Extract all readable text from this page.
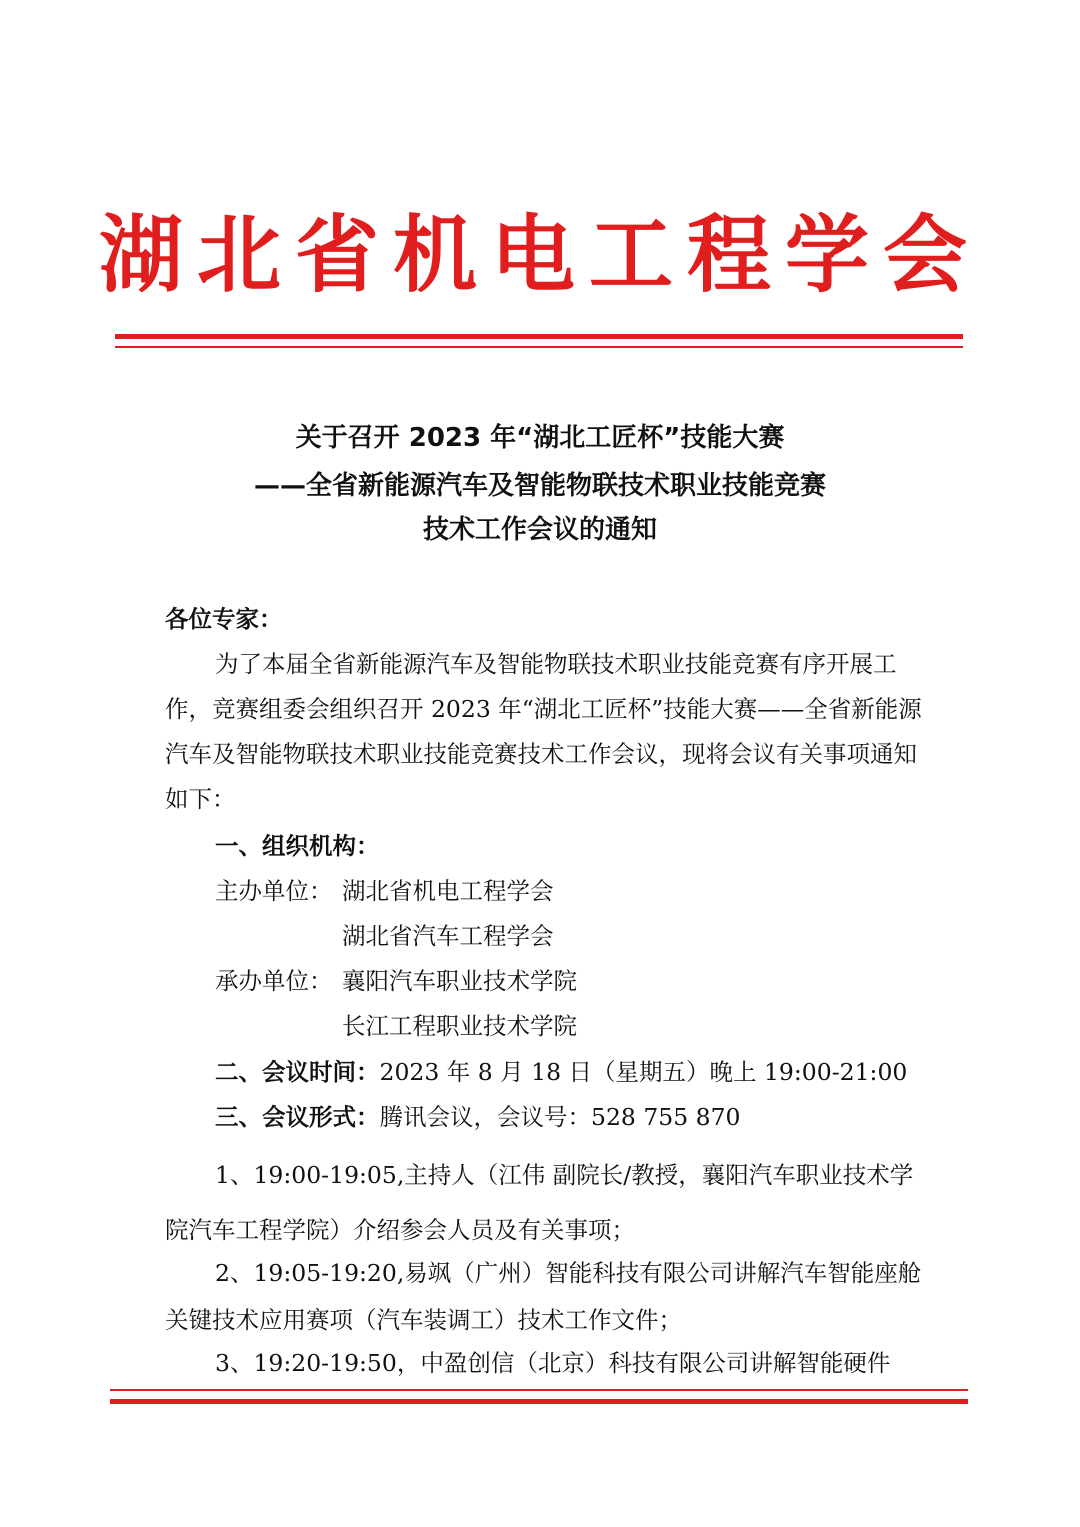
湖北省机电工程学会
关于召开 2023 年“湖北工匠杯”技能大赛
——全省新能源汽车及智能物联技术职业技能竞赛
技术工作会议的通知
各位专家：

为了本届全省新能源汽车及智能物联技术职业技能竞赛有序开展工作，竞赛组委会组织召开 2023 年“湖北工匠杯”技能大赛——全省新能源汽车及智能物联技术职业技能竞赛技术工作会议，现将会议有关事项通知如下：

一、组织机构：
主办单位： 湖北省机电工程学会
湖北省汽车工程学会
承办单位： 襄阳汽车职业技术学院
长江工程职业技术学院
二、会议时间：2023 年 8 月 18 日（星期五）晚上 19:00-21:00
三、会议形式：腾讯会议，会议号：528 755 870

1、19:00-19:05,主持人（江伟 副院长/教授，襄阳汽车职业技术学院汽车工程学院）介绍参会人员及有关事项；

2、19:05-19:20,易飒（广州）智能科技有限公司讲解汽车智能座舱关键技术应用赛项（汽车装调工）技术工作文件；

3、19:20-19:50，中盈创信（北京）科技有限公司讲解智能硬件
